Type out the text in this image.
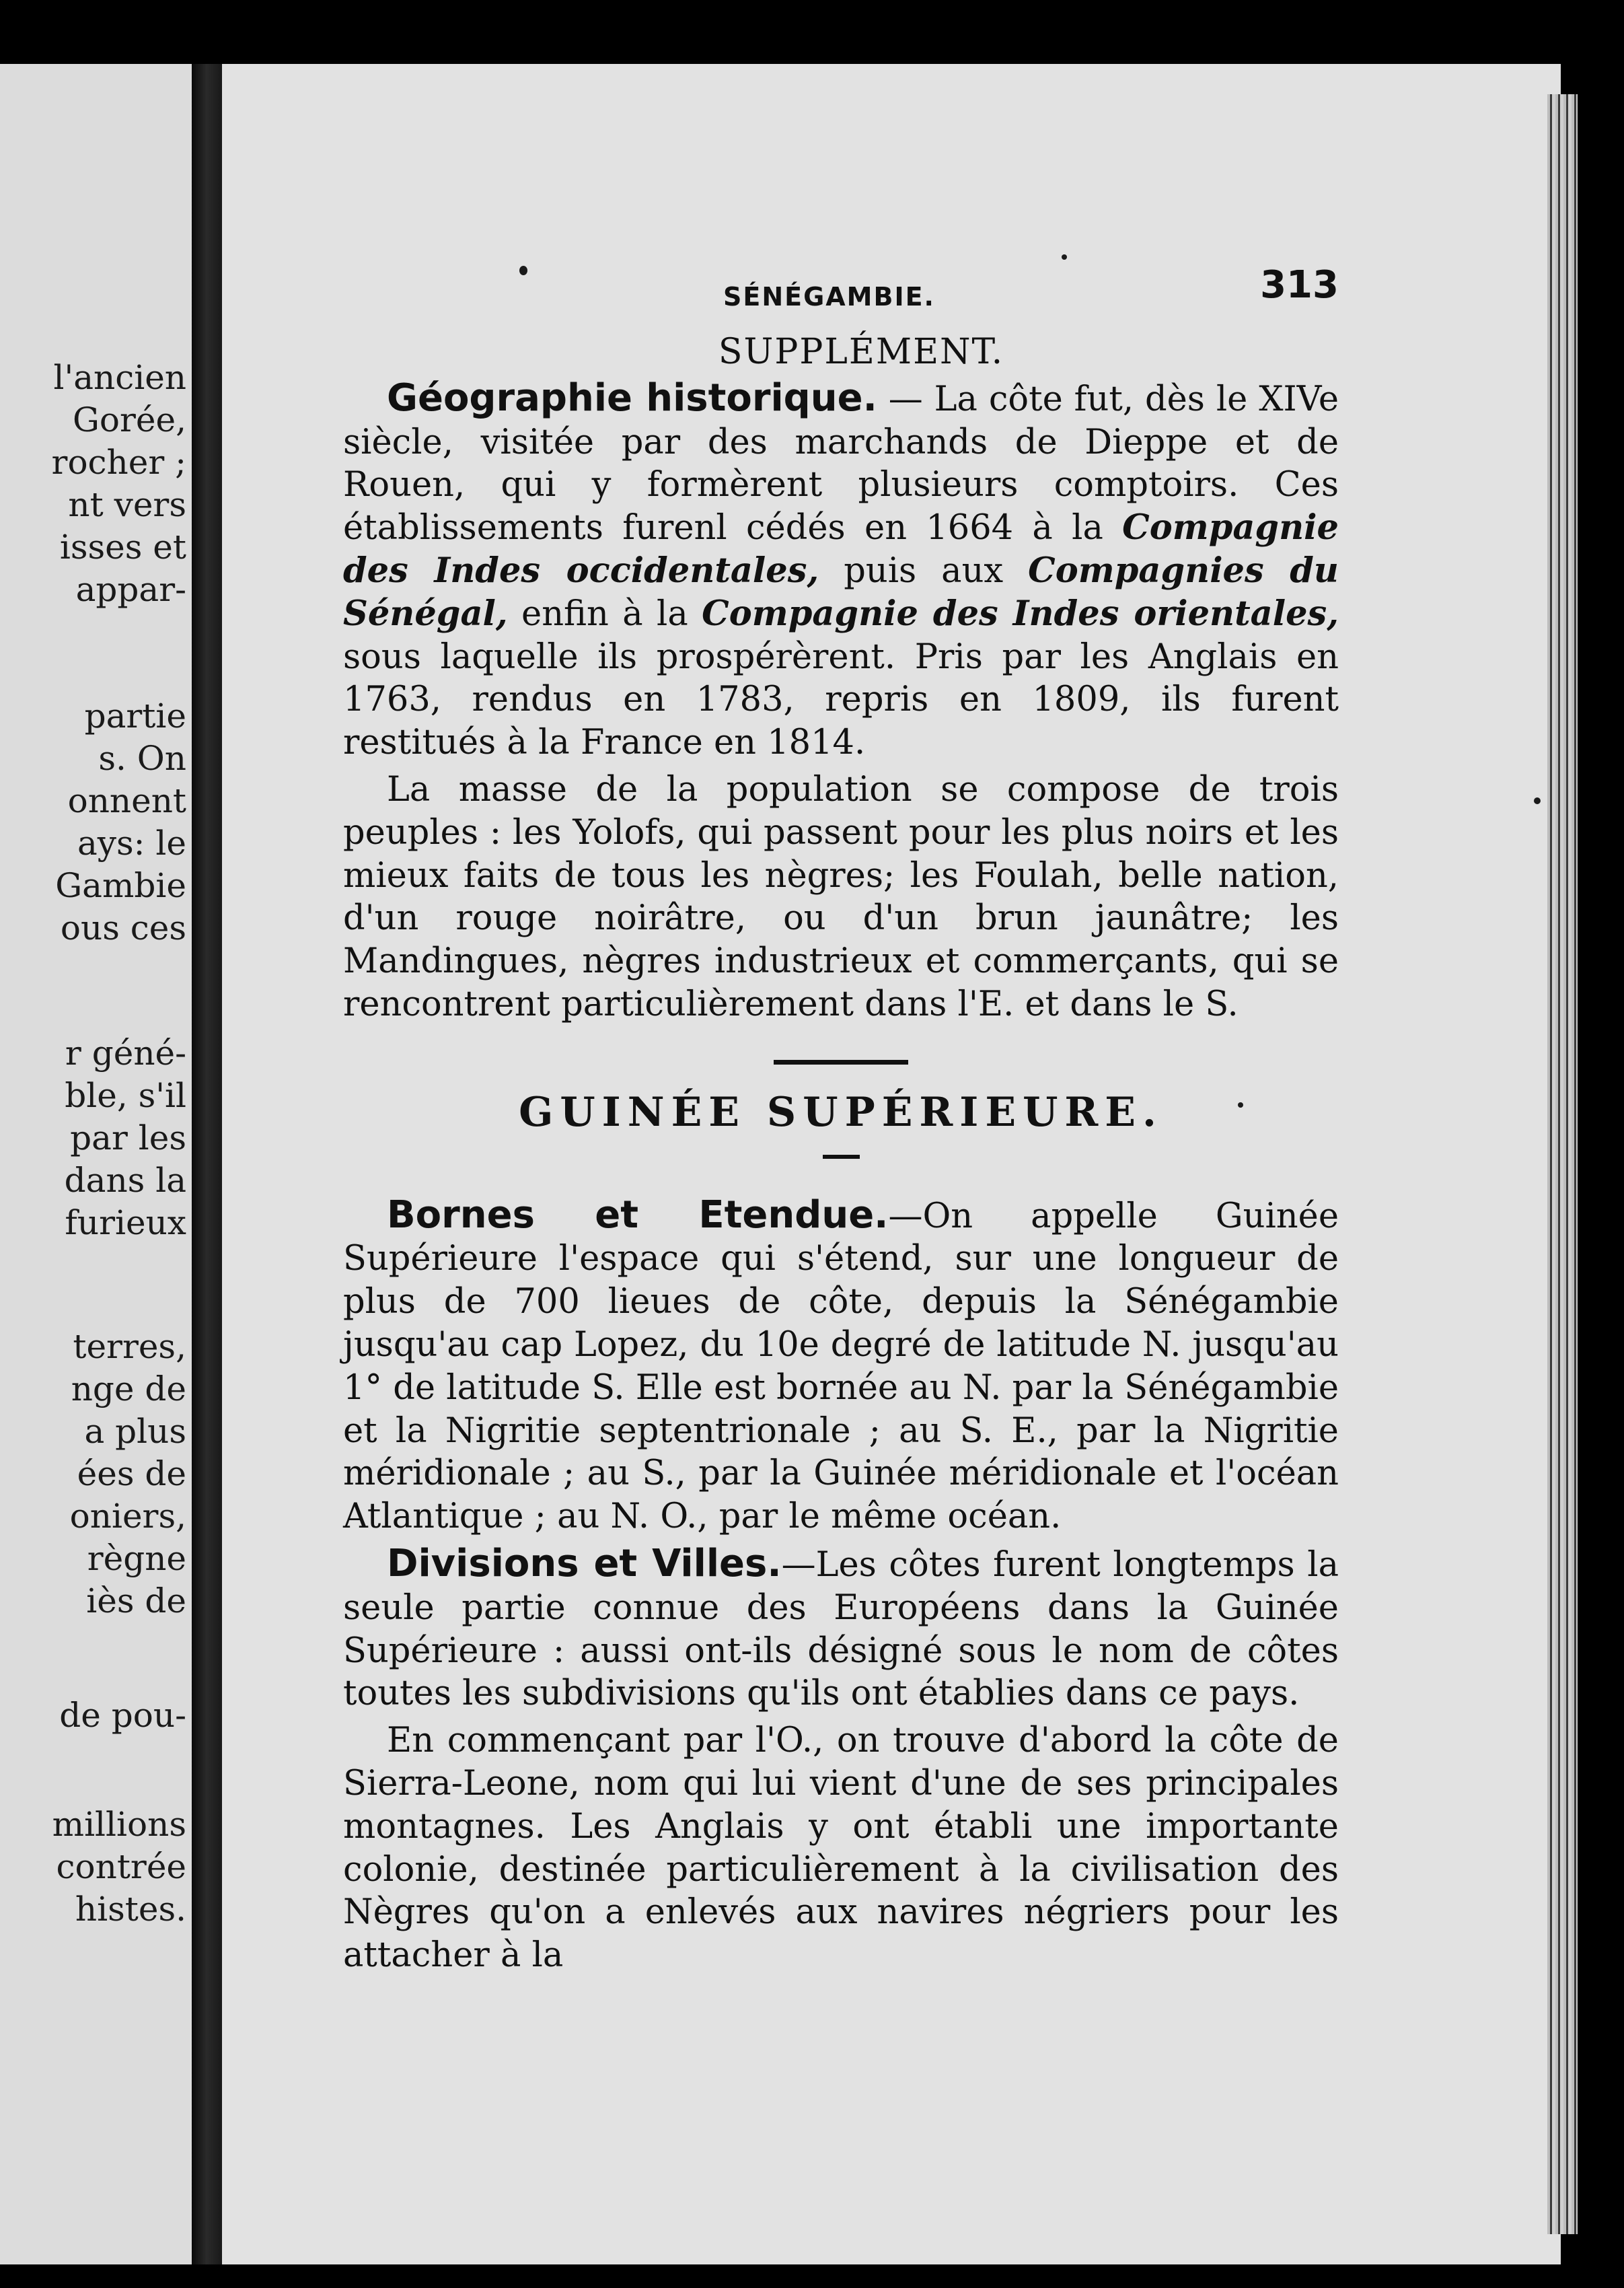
l'ancien
Gorée,
rocher ;
nt vers
isses et
appar-
partie
s. On
onnent
ays: le
Gambie
ous ces
r géné-
ble, s'il
par les
dans la
furieux
terres,
nge de
a plus
ées de
oniers,
règne
iès de
de pou-
millions
contrée
histes.
SÉNÉGAMBIE.	313
SUPPLÉMENT.

Géographie historique. — La côte fut, dès le XIVe siècle, visitée par des marchands de Dieppe et de Rouen, qui y formèrent plusieurs comptoirs. Ces établissements furenl cédés en 1664 à la Compagnie des Indes occidentales, puis aux Compagnies du Sénégal, enfin à la Compagnie des Indes orientales, sous laquelle ils prospérèrent. Pris par les Anglais en 1763, rendus en 1783, repris en 1809, ils furent restitués à la France en 1814.

La masse de la population se compose de trois peuples : les Yolofs, qui passent pour les plus noirs et les mieux faits de tous les nègres; les Foulah, belle nation, d'un rouge noirâtre, ou d'un brun jaunâtre; les Mandingues, nègres industrieux et commerçants, qui se rencontrent particulièrement dans l'E. et dans le S.

GUINÉE SUPÉRIEURE.

Bornes et Etendue.—On appelle Guinée Supérieure l'espace qui s'étend, sur une longueur de plus de 700 lieues de côte, depuis la Sénégambie jusqu'au cap Lopez, du 10e degré de latitude N. jusqu'au 1° de latitude S. Elle est bornée au N. par la Sénégambie et la Nigritie septentrionale ; au S. E., par la Nigritie méridionale ; au S., par la Guinée méridionale et l'océan Atlantique ; au N. O., par le même océan.

Divisions et Villes.—Les côtes furent longtemps la seule partie connue des Européens dans la Guinée Supérieure : aussi ont-ils désigné sous le nom de côtes toutes les subdivisions qu'ils ont établies dans ce pays.

En commençant par l'O., on trouve d'abord la côte de Sierra-Leone, nom qui lui vient d'une de ses principales montagnes. Les Anglais y ont établi une importante colonie, destinée particulièrement à la civilisation des Nègres qu'on a enlevés aux navires négriers pour les attacher à la
